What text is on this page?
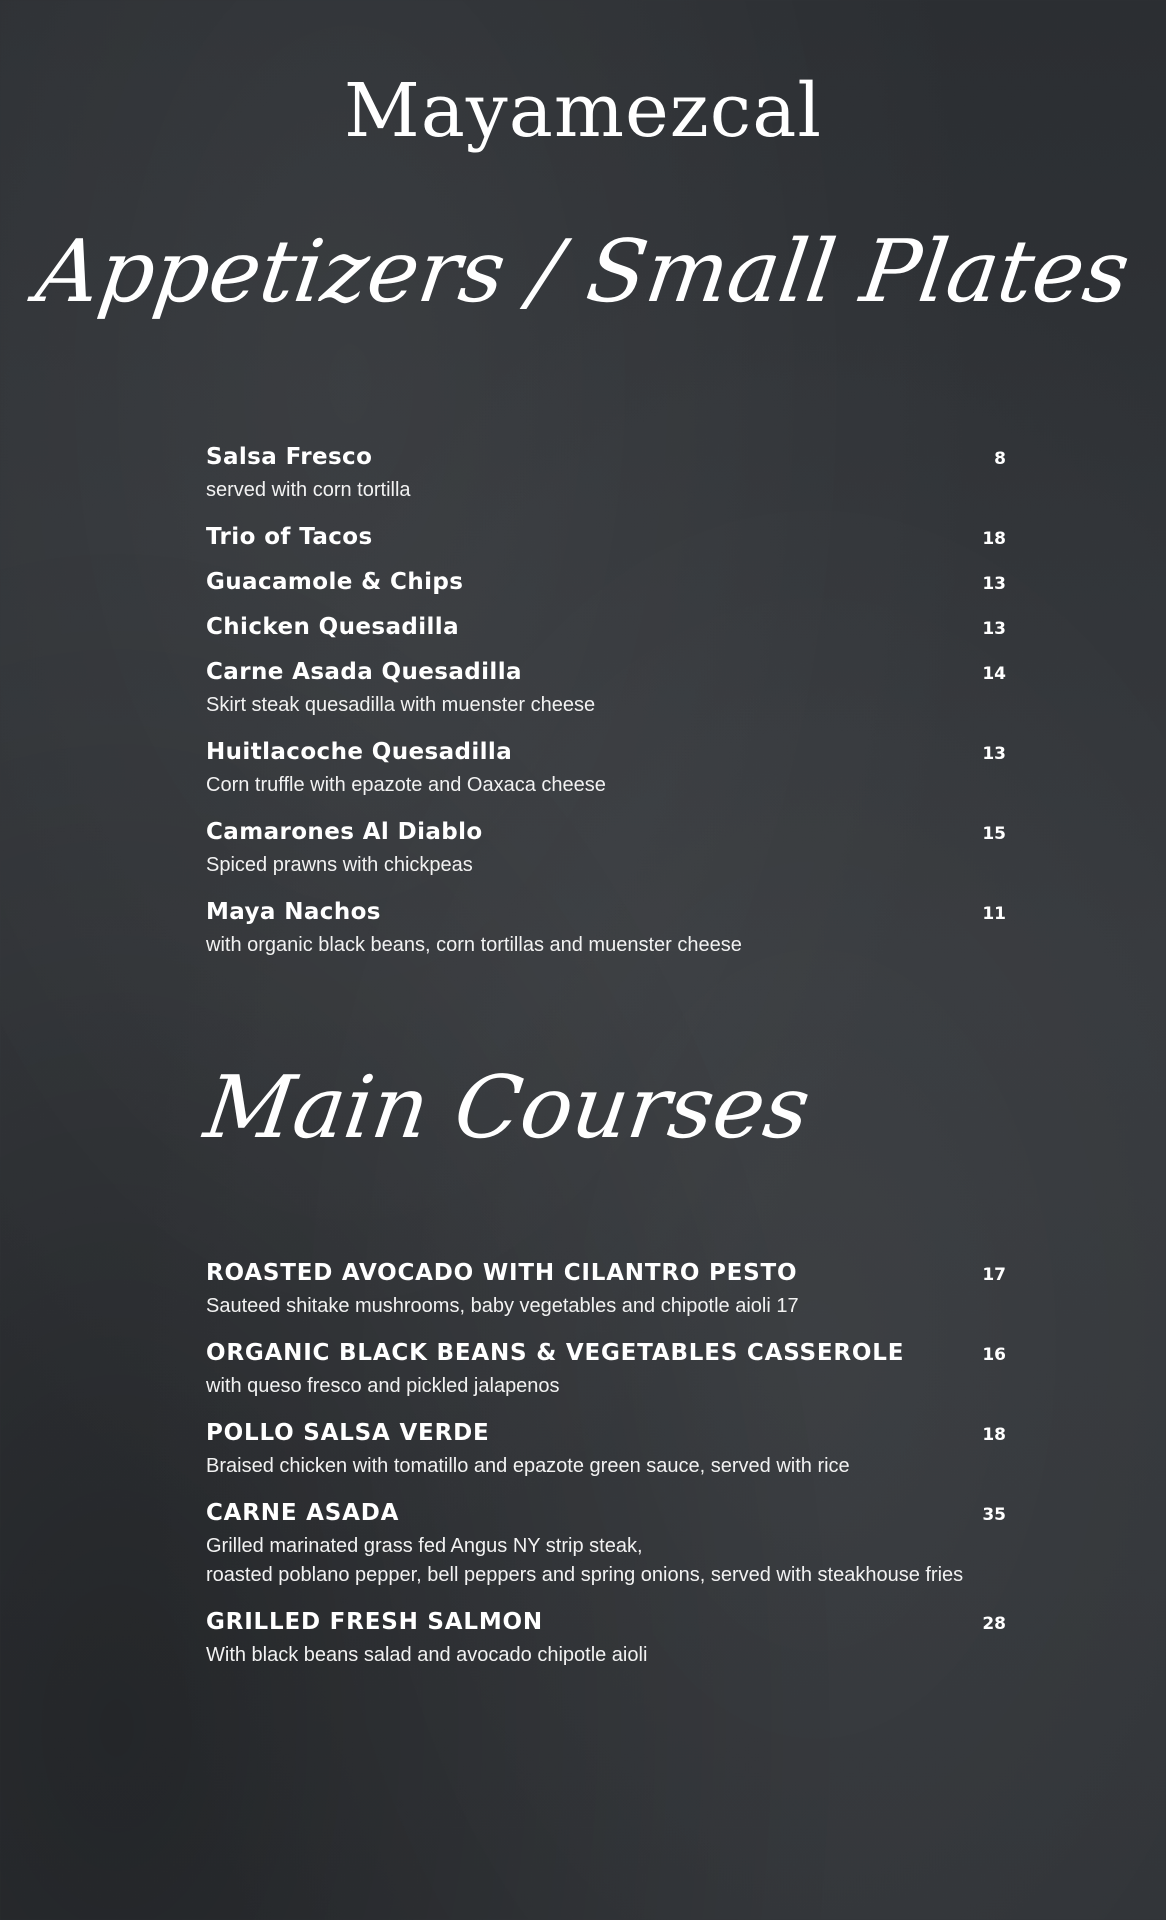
Mayamezcal
Appetizers / Small Plates
Salsa Fresco	8
served with corn tortilla
Trio of Tacos	18
Guacamole & Chips	13
Chicken Quesadilla	13
Carne Asada Quesadilla	14
Skirt steak quesadilla with muenster cheese
Huitlacoche Quesadilla	13
Corn truffle with epazote and Oaxaca cheese
Camarones Al Diablo	15
Spiced prawns with chickpeas
Maya Nachos	11
with organic black beans, corn tortillas and muenster cheese
Main Courses
ROASTED AVOCADO WITH CILANTRO PESTO	17
Sauteed shitake mushrooms, baby vegetables and chipotle aioli 17
ORGANIC BLACK BEANS & VEGETABLES CASSEROLE	16
with queso fresco and pickled jalapenos
POLLO SALSA VERDE	18
Braised chicken with tomatillo and epazote green sauce, served with rice
CARNE ASADA	35
Grilled marinated grass fed Angus NY strip steak,
roasted poblano pepper, bell peppers and spring onions, served with steakhouse fries
GRILLED FRESH SALMON	28
With black beans salad and avocado chipotle aioli
